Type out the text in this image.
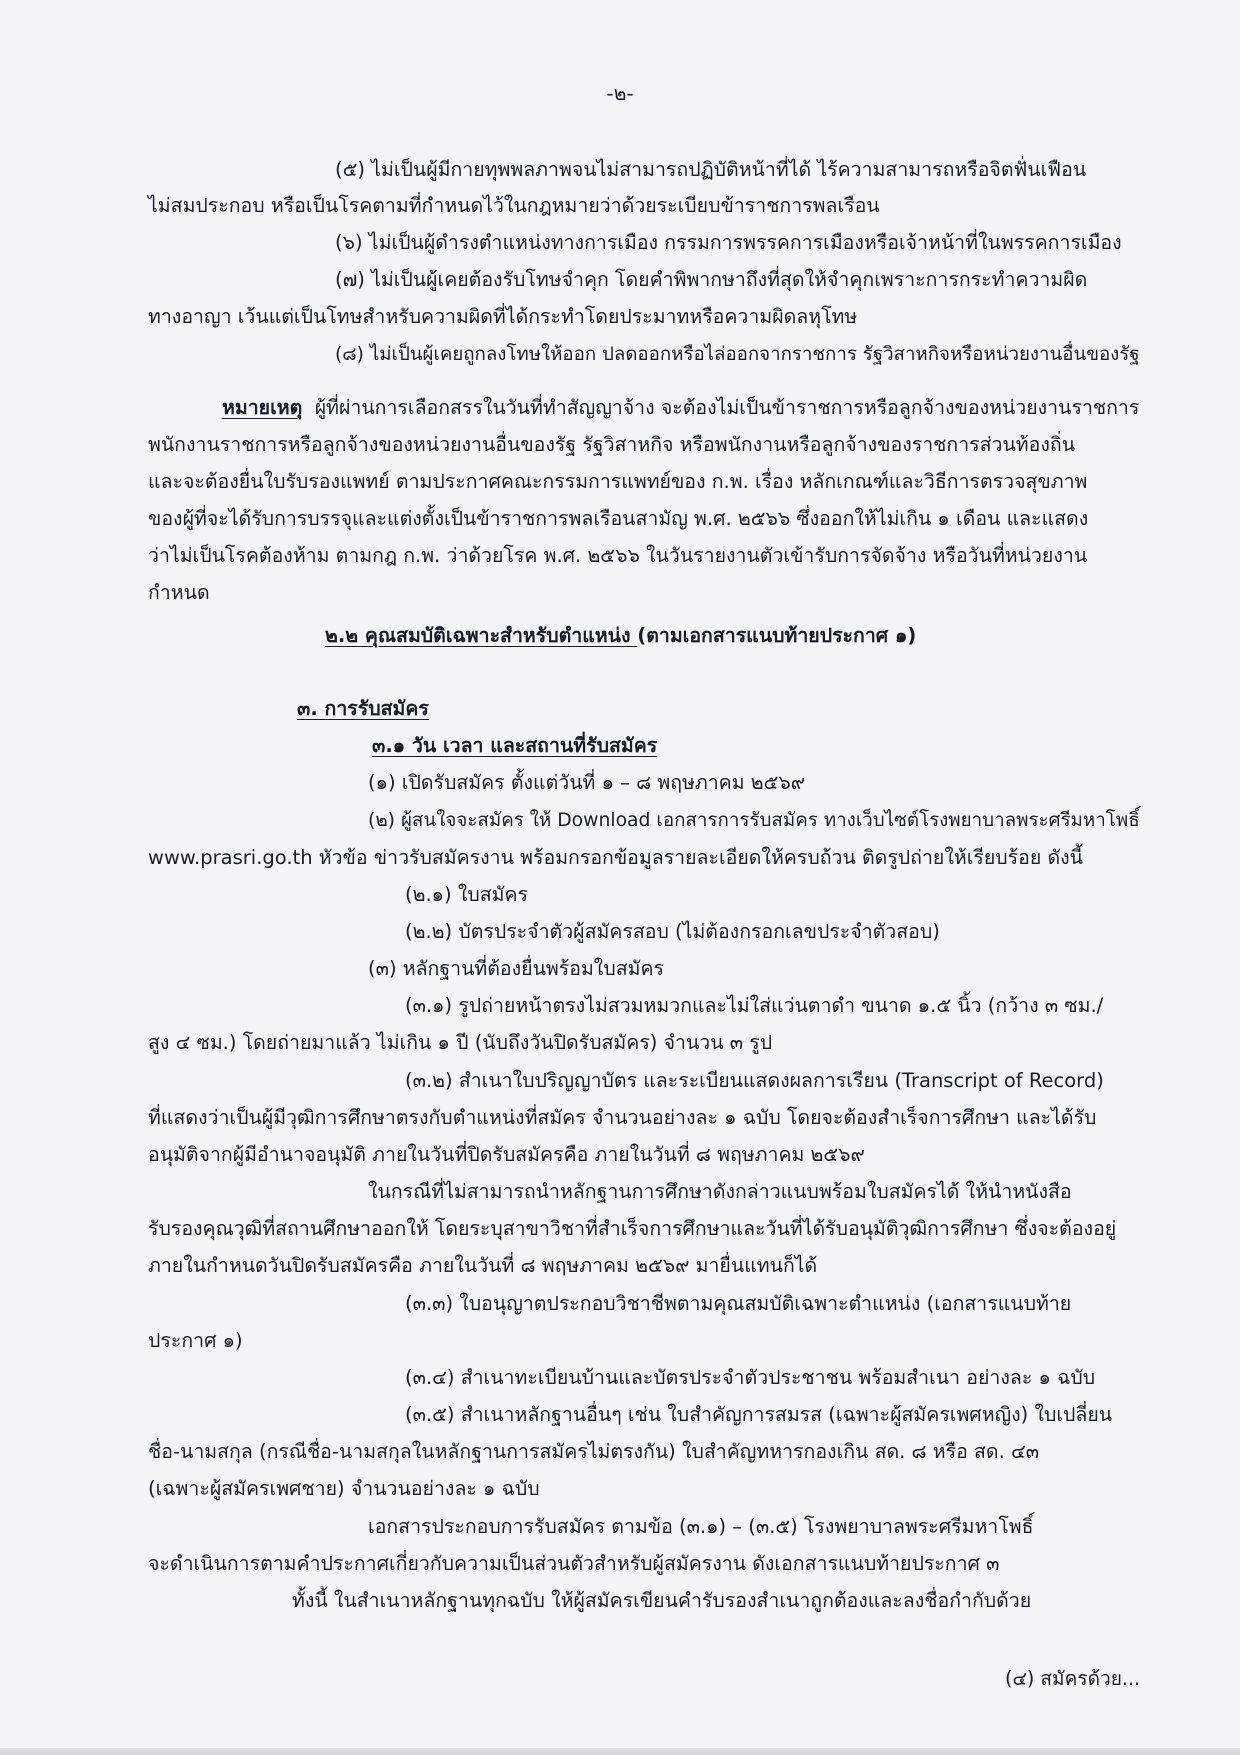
-๒-
(๕) ไม่เป็นผู้มีกายทุพพลภาพจนไม่สามารถปฏิบัติหน้าที่ได้ ไร้ความสามารถหรือจิตฟั่นเฟือน
ไม่สมประกอบ หรือเป็นโรคตามที่กำหนดไว้ในกฎหมายว่าด้วยระเบียบข้าราชการพลเรือน
(๖) ไม่เป็นผู้ดำรงตำแหน่งทางการเมือง กรรมการพรรคการเมืองหรือเจ้าหน้าที่ในพรรคการเมือง
(๗) ไม่เป็นผู้เคยต้องรับโทษจำคุก โดยคำพิพากษาถึงที่สุดให้จำคุกเพราะการกระทำความผิด
ทางอาญา เว้นแต่เป็นโทษสำหรับความผิดที่ได้กระทำโดยประมาทหรือความผิดลหุโทษ
(๘) ไม่เป็นผู้เคยถูกลงโทษให้ออก ปลดออกหรือไล่ออกจากราชการ รัฐวิสาหกิจหรือหน่วยงานอื่นของรัฐ
หมายเหตุ ผู้ที่ผ่านการเลือกสรรในวันที่ทำสัญญาจ้าง จะต้องไม่เป็นข้าราชการหรือลูกจ้างของหน่วยงานราชการ
พนักงานราชการหรือลูกจ้างของหน่วยงานอื่นของรัฐ รัฐวิสาหกิจ หรือพนักงานหรือลูกจ้างของราชการส่วนท้องถิ่น
และจะต้องยื่นใบรับรองแพทย์ ตามประกาศคณะกรรมการแพทย์ของ ก.พ. เรื่อง หลักเกณฑ์และวิธีการตรวจสุขภาพ
ของผู้ที่จะได้รับการบรรจุและแต่งตั้งเป็นข้าราชการพลเรือนสามัญ พ.ศ. ๒๕๖๖ ซึ่งออกให้ไม่เกิน ๑ เดือน และแสดง
ว่าไม่เป็นโรคต้องห้าม ตามกฎ ก.พ. ว่าด้วยโรค พ.ศ. ๒๕๖๖ ในวันรายงานตัวเข้ารับการจัดจ้าง หรือวันที่หน่วยงาน
กำหนด
๒.๒ คุณสมบัติเฉพาะสำหรับตำแหน่ง (ตามเอกสารแนบท้ายประกาศ ๑)
๓. การรับสมัคร
๓.๑ วัน เวลา และสถานที่รับสมัคร
(๑) เปิดรับสมัคร ตั้งแต่วันที่ ๑ – ๘ พฤษภาคม ๒๕๖๙
(๒) ผู้สนใจจะสมัคร ให้ Download เอกสารการรับสมัคร ทางเว็บไซต์โรงพยาบาลพระศรีมหาโพธิ์
www.prasri.go.th หัวข้อ ข่าวรับสมัครงาน พร้อมกรอกข้อมูลรายละเอียดให้ครบถ้วน ติดรูปถ่ายให้เรียบร้อย ดังนี้
(๒.๑) ใบสมัคร
(๒.๒) บัตรประจำตัวผู้สมัครสอบ (ไม่ต้องกรอกเลขประจำตัวสอบ)
(๓) หลักฐานที่ต้องยื่นพร้อมใบสมัคร
(๓.๑) รูปถ่ายหน้าตรงไม่สวมหมวกและไม่ใส่แว่นตาดำ ขนาด ๑.๕ นิ้ว (กว้าง ๓ ซม./
สูง ๔ ซม.) โดยถ่ายมาแล้ว ไม่เกิน ๑ ปี (นับถึงวันปิดรับสมัคร) จำนวน ๓ รูป
(๓.๒) สำเนาใบปริญญาบัตร และระเบียนแสดงผลการเรียน (Transcript of Record)
ที่แสดงว่าเป็นผู้มีวุฒิการศึกษาตรงกับตำแหน่งที่สมัคร จำนวนอย่างละ ๑ ฉบับ โดยจะต้องสำเร็จการศึกษา และได้รับ
อนุมัติจากผู้มีอำนาจอนุมัติ ภายในวันที่ปิดรับสมัครคือ ภายในวันที่ ๘ พฤษภาคม ๒๕๖๙
ในกรณีที่ไม่สามารถนำหลักฐานการศึกษาดังกล่าวแนบพร้อมใบสมัครได้ ให้นำหนังสือ
รับรองคุณวุฒิที่สถานศึกษาออกให้ โดยระบุสาขาวิชาที่สำเร็จการศึกษาและวันที่ได้รับอนุมัติวุฒิการศึกษา ซึ่งจะต้องอยู่
ภายในกำหนดวันปิดรับสมัครคือ ภายในวันที่ ๘ พฤษภาคม ๒๕๖๙ มายื่นแทนก็ได้
(๓.๓) ใบอนุญาตประกอบวิชาชีพตามคุณสมบัติเฉพาะตำแหน่ง (เอกสารแนบท้าย
ประกาศ ๑)
(๓.๔) สำเนาทะเบียนบ้านและบัตรประจำตัวประชาชน พร้อมสำเนา อย่างละ ๑ ฉบับ
(๓.๕) สำเนาหลักฐานอื่นๆ เช่น ใบสำคัญการสมรส (เฉพาะผู้สมัครเพศหญิง) ใบเปลี่ยน
ชื่อ-นามสกุล (กรณีชื่อ-นามสกุลในหลักฐานการสมัครไม่ตรงกัน) ใบสำคัญทหารกองเกิน สด. ๘ หรือ สด. ๔๓
(เฉพาะผู้สมัครเพศชาย) จำนวนอย่างละ ๑ ฉบับ
เอกสารประกอบการรับสมัคร ตามข้อ (๓.๑) – (๓.๕) โรงพยาบาลพระศรีมหาโพธิ์
จะดำเนินการตามคำประกาศเกี่ยวกับความเป็นส่วนตัวสำหรับผู้สมัครงาน ดังเอกสารแนบท้ายประกาศ ๓
ทั้งนี้ ในสำเนาหลักฐานทุกฉบับ ให้ผู้สมัครเขียนคำรับรองสำเนาถูกต้องและลงชื่อกำกับด้วย
(๔) สมัครด้วย...
